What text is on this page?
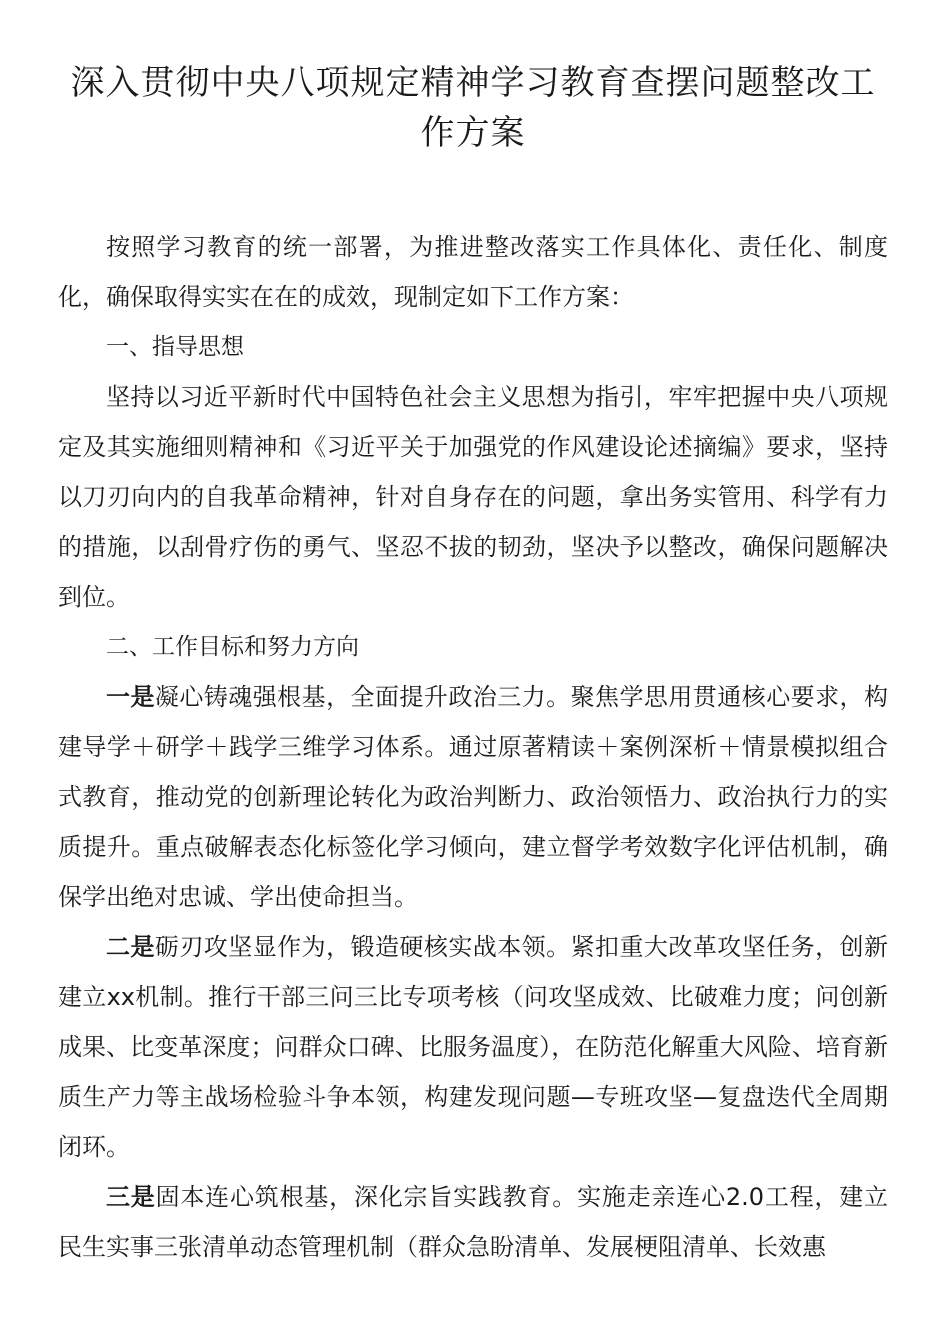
深入贯彻中央八项规定精神学习教育查摆问题整改工作方案

按照学习教育的统一部署，为推进整改落实工作具体化、责任化、制度化，确保取得实实在在的成效，现制定如下工作方案：

一、指导思想

坚持以习近平新时代中国特色社会主义思想为指引，牢牢把握中央八项规定及其实施细则精神和《习近平关于加强党的作风建设论述摘编》要求，坚持以刀刃向内的自我革命精神，针对自身存在的问题，拿出务实管用、科学有力的措施，以刮骨疗伤的勇气、坚忍不拔的韧劲，坚决予以整改，确保问题解决到位。

二、工作目标和努力方向

一是凝心铸魂强根基，全面提升政治三力。聚焦学思用贯通核心要求，构建导学＋研学＋践学三维学习体系。通过原著精读＋案例深析＋情景模拟组合式教育，推动党的创新理论转化为政治判断力、政治领悟力、政治执行力的实质提升。重点破解表态化标签化学习倾向，建立督学考效数字化评估机制，确保学出绝对忠诚、学出使命担当。

二是砺刃攻坚显作为，锻造硬核实战本领。紧扣重大改革攻坚任务，创新建立xx机制。推行干部三问三比专项考核（问攻坚成效、比破难力度；问创新成果、比变革深度；问群众口碑、比服务温度），在防范化解重大风险、培育新质生产力等主战场检验斗争本领，构建发现问题—专班攻坚—复盘迭代全周期闭环。

三是固本连心筑根基，深化宗旨实践教育。实施走亲连心2.0工程，建立民生实事三张清单动态管理机制（群众急盼清单、发展梗阻清单、长效惠
